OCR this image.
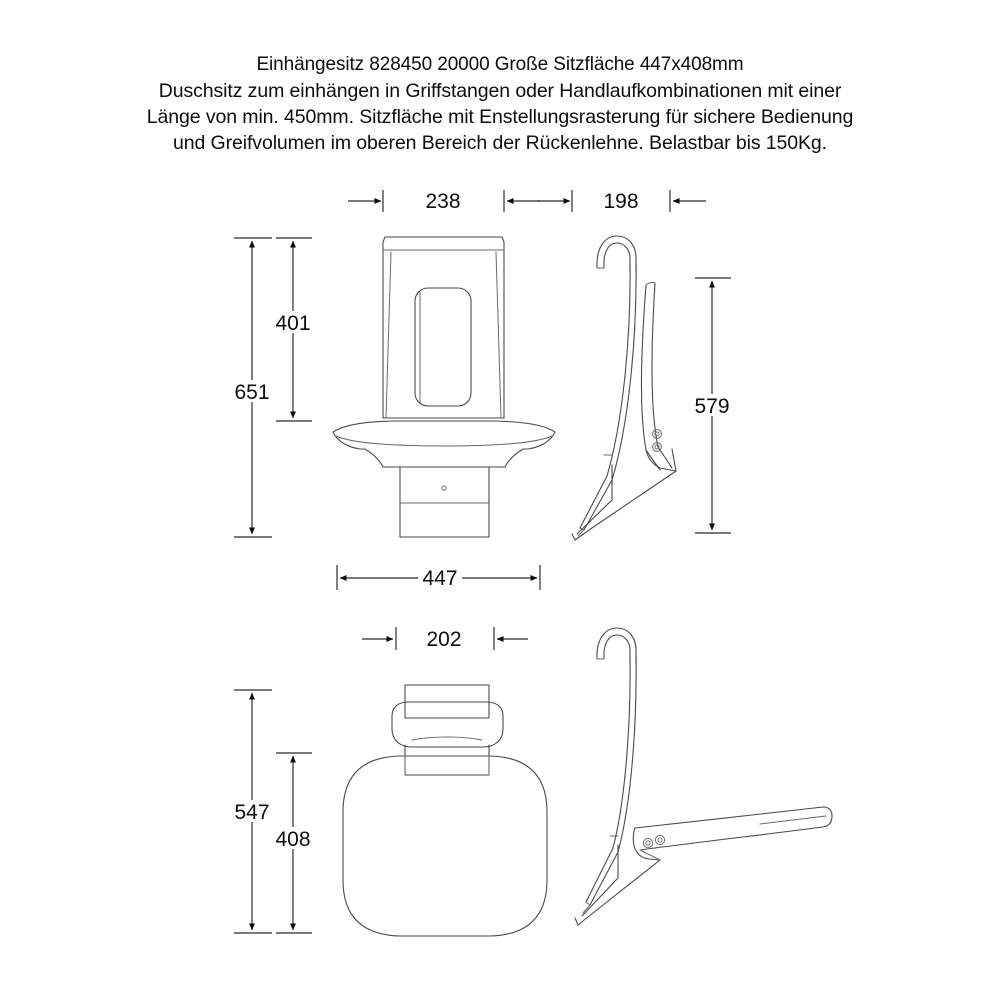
Einhängesitz 828450 20000 Große Sitzfläche 447x408mm
Duschsitz zum einhängen in Griffstangen oder Handlaufkombinationen mit einer
Länge von min. 450mm. Sitzfläche mit Enstellungsrasterung für sichere Bedienung
und Greifvolumen im oberen Bereich der Rückenlehne. Belastbar bis 150Kg.
238	198
651
401
579
447
202
547
408
